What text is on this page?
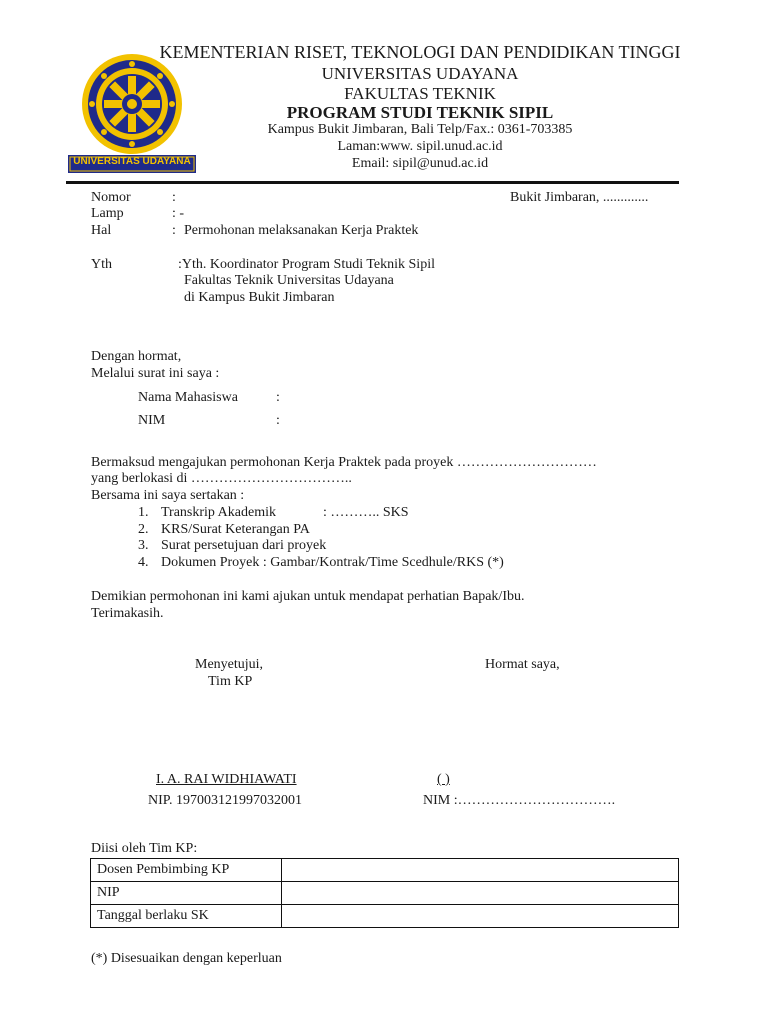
UNIVERSITAS UDAYANA
KEMENTERIAN RISET, TEKNOLOGI DAN PENDIDIKAN TINGGI
UNIVERSITAS UDAYANA
FAKULTAS TEKNIK
PROGRAM STUDI TEKNIK SIPIL
Kampus Bukit Jimbaran, Bali Telp/Fax.: 0361-703385
Laman:www. sipil.unud.ac.id
Email: sipil@unud.ac.id
Nomor	:	Bukit Jimbaran, .............
Lamp	: -
Hal	: Permohonan melaksanakan Kerja Praktek
Yth	:Yth. Koordinator Program Studi Teknik Sipil
Fakultas Teknik Universitas Udayana
di Kampus Bukit Jimbaran
Dengan hormat,
Melalui surat ini saya :
Nama Mahasiswa	:
NIM	:
Bermaksud mengajukan permohonan Kerja Praktek pada proyek …………………………
yang berlokasi di ……………………………..
Bersama ini saya sertakan :
1. Transkrip Akademik	: ……….. SKS
2. KRS/Surat Keterangan PA
3. Surat persetujuan dari proyek
4. Dokumen Proyek : Gambar/Kontrak/Time Scedhule/RKS (*)
Demikian permohonan ini kami ajukan untuk mendapat perhatian Bapak/Ibu.
Terimakasih.
Menyetujui,
Tim KP
Hormat saya,
I. A. RAI WIDHIAWATI	( )
NIP. 197003121997032001	NIM :…………………………….
Diisi oleh Tim KP:
Dosen Pembimbing KP	
NIP	
Tanggal berlaku SK	
(*) Disesuaikan dengan keperluan
